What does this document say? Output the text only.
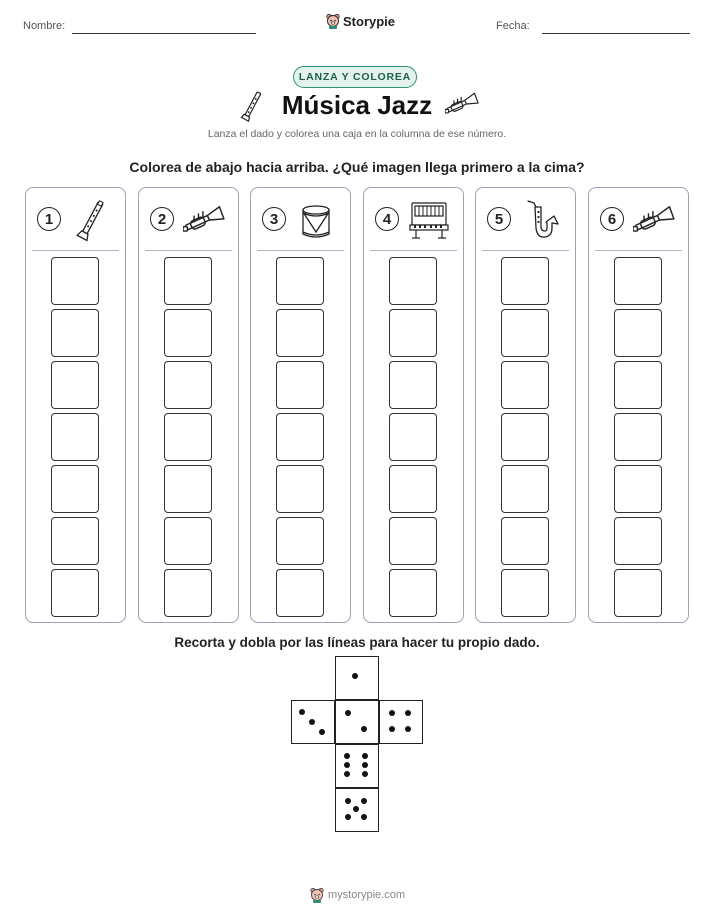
Nombre:	Storypie	Fecha:
LANZA Y COLOREA
Música Jazz
Lanza el dado y colorea una caja en la columna de ese número.
Colorea de abajo hacia arriba. ¿Qué imagen llega primero a la cima?
1	2	3	4	5	6
Recorta y dobla por las líneas para hacer tu propio dado.
mystorypie.com
